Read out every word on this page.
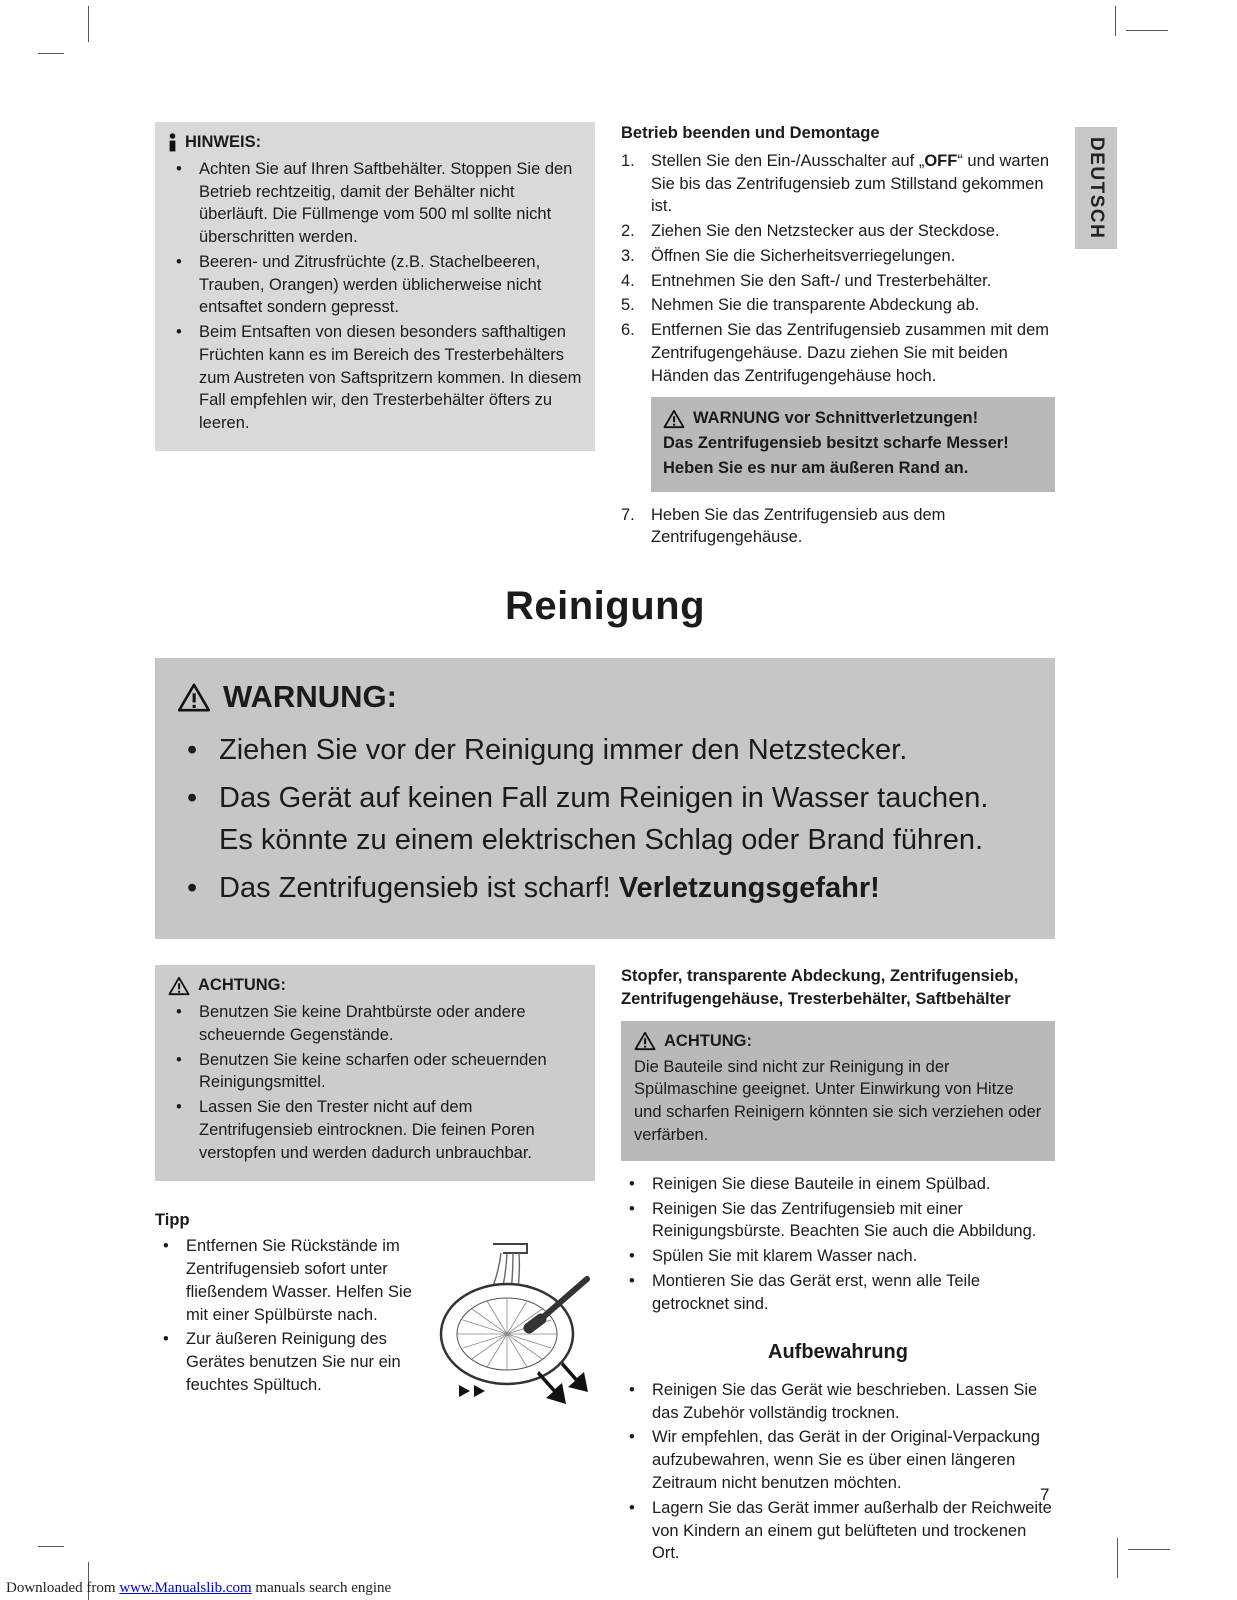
DEUTSCH
HINWEIS:
• Achten Sie auf Ihren Saftbehälter. Stoppen Sie den Betrieb rechtzeitig, damit der Behälter nicht überläuft. Die Füllmenge vom 500 ml sollte nicht überschritten werden.
• Beeren- und Zitrusfrüchte (z.B. Stachelbeeren, Trauben, Orangen) werden üblicherweise nicht entsaftet sondern gepresst.
• Beim Entsaften von diesen besonders safthaltigen Früchten kann es im Bereich des Tresterbehälters zum Austreten von Saftspritzern kommen. In diesem Fall empfehlen wir, den Tresterbehälter öfters zu leeren.
Betrieb beenden und Demontage
1. Stellen Sie den Ein-/Ausschalter auf „OFF“ und warten Sie bis das Zentrifugensieb zum Stillstand gekommen ist.
2. Ziehen Sie den Netzstecker aus der Steckdose.
3. Öffnen Sie die Sicherheitsverriegelungen.
4. Entnehmen Sie den Saft-/ und Tresterbehälter.
5. Nehmen Sie die transparente Abdeckung ab.
6. Entfernen Sie das Zentrifugensieb zusammen mit dem Zentrifugengehäuse. Dazu ziehen Sie mit beiden Händen das Zentrifugengehäuse hoch.
WARNUNG vor Schnittverletzungen!
Das Zentrifugensieb besitzt scharfe Messer!
Heben Sie es nur am äußeren Rand an.
7. Heben Sie das Zentrifugensieb aus dem Zentrifugengehäuse.
Reinigung
WARNUNG:
• Ziehen Sie vor der Reinigung immer den Netzstecker.
• Das Gerät auf keinen Fall zum Reinigen in Wasser tauchen. Es könnte zu einem elektrischen Schlag oder Brand führen.
• Das Zentrifugensieb ist scharf! Verletzungsgefahr!
ACHTUNG:
• Benutzen Sie keine Drahtbürste oder andere scheuernde Gegenstände.
• Benutzen Sie keine scharfen oder scheuernden Reinigungsmittel.
• Lassen Sie den Trester nicht auf dem Zentrifugensieb eintrocknen. Die feinen Poren verstopfen und werden dadurch unbrauchbar.
Tipp
• Entfernen Sie Rückstände im Zentrifugensieb sofort unter fließendem Wasser. Helfen Sie mit einer Spülbürste nach.
• Zur äußeren Reinigung des Gerätes benutzen Sie nur ein feuchtes Spültuch.
Stopfer, transparente Abdeckung, Zentrifugensieb, Zentrifugengehäuse, Tresterbehälter, Saftbehälter
ACHTUNG:
Die Bauteile sind nicht zur Reinigung in der Spülmaschine geeignet. Unter Einwirkung von Hitze und scharfen Reinigern könnten sie sich verziehen oder verfärben.
• Reinigen Sie diese Bauteile in einem Spülbad.
• Reinigen Sie das Zentrifugensieb mit einer Reinigungsbürste. Beachten Sie auch die Abbildung.
• Spülen Sie mit klarem Wasser nach.
• Montieren Sie das Gerät erst, wenn alle Teile getrocknet sind.
Aufbewahrung
• Reinigen Sie das Gerät wie beschrieben. Lassen Sie das Zubehör vollständig trocknen.
• Wir empfehlen, das Gerät in der Original-Verpackung aufzubewahren, wenn Sie es über einen längeren Zeitraum nicht benutzen möchten.
• Lagern Sie das Gerät immer außerhalb der Reichweite von Kindern an einem gut belüfteten und trockenen Ort.
7
Downloaded from www.Manualslib.com manuals search engine
